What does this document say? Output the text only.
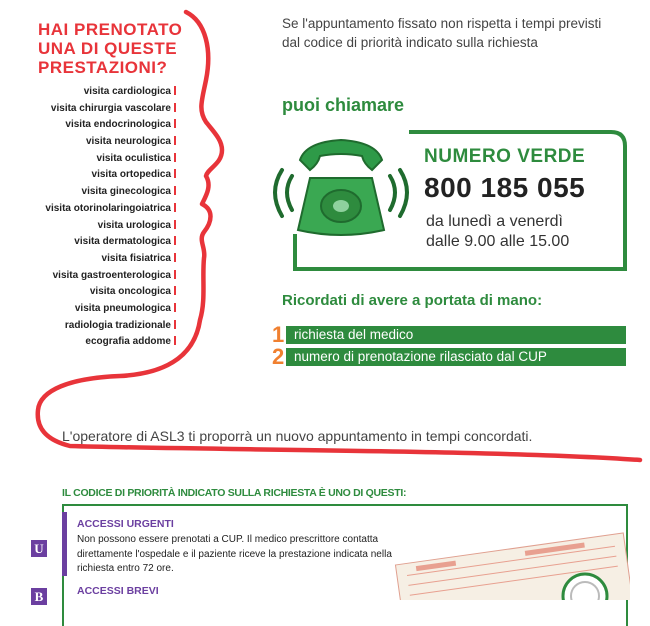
HAI PRENOTATO UNA DI QUESTE PRESTAZIONI?
visita cardiologica
visita chirurgia vascolare
visita endocrinologica
visita neurologica
visita oculistica
visita ortopedica
visita ginecologica
visita otorinolaringoiatrica
visita urologica
visita dermatologica
visita fisiatrica
visita gastroenterologica
visita oncologica
visita pneumologica
radiologia tradizionale
ecografia addome
Se l'appuntamento fissato non rispetta i tempi previsti dal codice di priorità indicato sulla richiesta
puoi chiamare
NUMERO VERDE
800 185 055
da lunedì a venerdì
dalle 9.00 alle 15.00
Ricordati di avere a portata di mano:
1 richiesta del medico
2 numero di prenotazione rilasciato dal CUP
L'operatore di ASL3 ti proporrà un nuovo appuntamento in tempi concordati.
IL CODICE DI PRIORITÀ INDICATO SULLA RICHIESTA È UNO DI QUESTI:
U
ACCESSI URGENTI
Non possono essere prenotati a CUP. Il medico prescrittore contatta direttamente l'ospedale e il paziente riceve la prestazione indicata nella richiesta entro 72 ore.
B	ACCESSI BREVI
